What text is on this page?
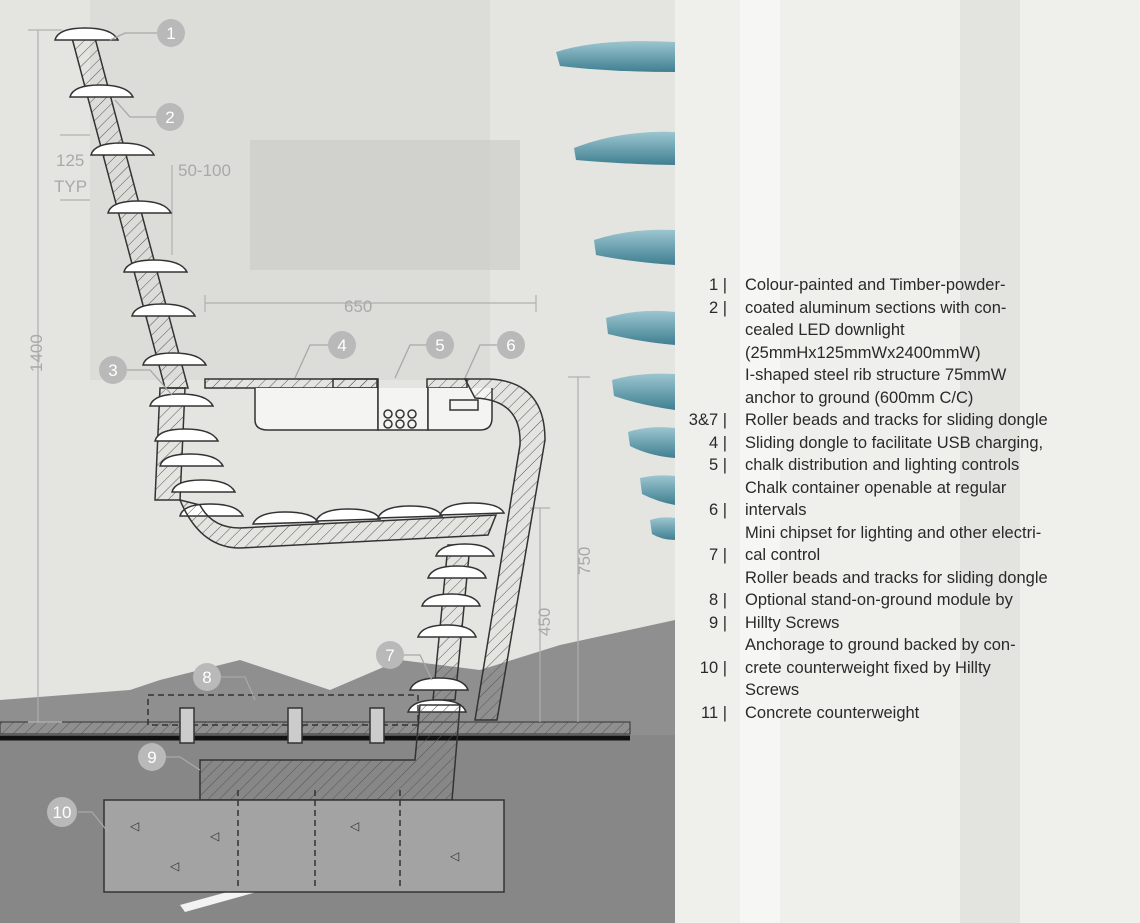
125
TYP
50-100
650
1400
750
450
◁
◁
◁
◁
◁
1
2
3
4	5	6
7
8
9
10
1 | Colour-painted and Timber-powder-
2 | coated aluminum sections with con-
cealed LED downlight
(25mmHx125mmWx2400mmW)
I-shaped steel rib structure 75mmW
anchor to ground (600mm C/C)
3&7 | Roller beads and tracks for sliding dongle
4 | Sliding dongle to facilitate USB charging,
5 | chalk distribution and lighting controls
Chalk container openable at regular
6 | intervals
Mini chipset for lighting and other electri-
7 | cal control
Roller beads and tracks for sliding dongle
8 | Optional stand-on-ground module by
9 | Hillty Screws
Anchorage to ground backed by con-
10 | crete counterweight fixed by Hillty
Screws
11 | Concrete counterweight
